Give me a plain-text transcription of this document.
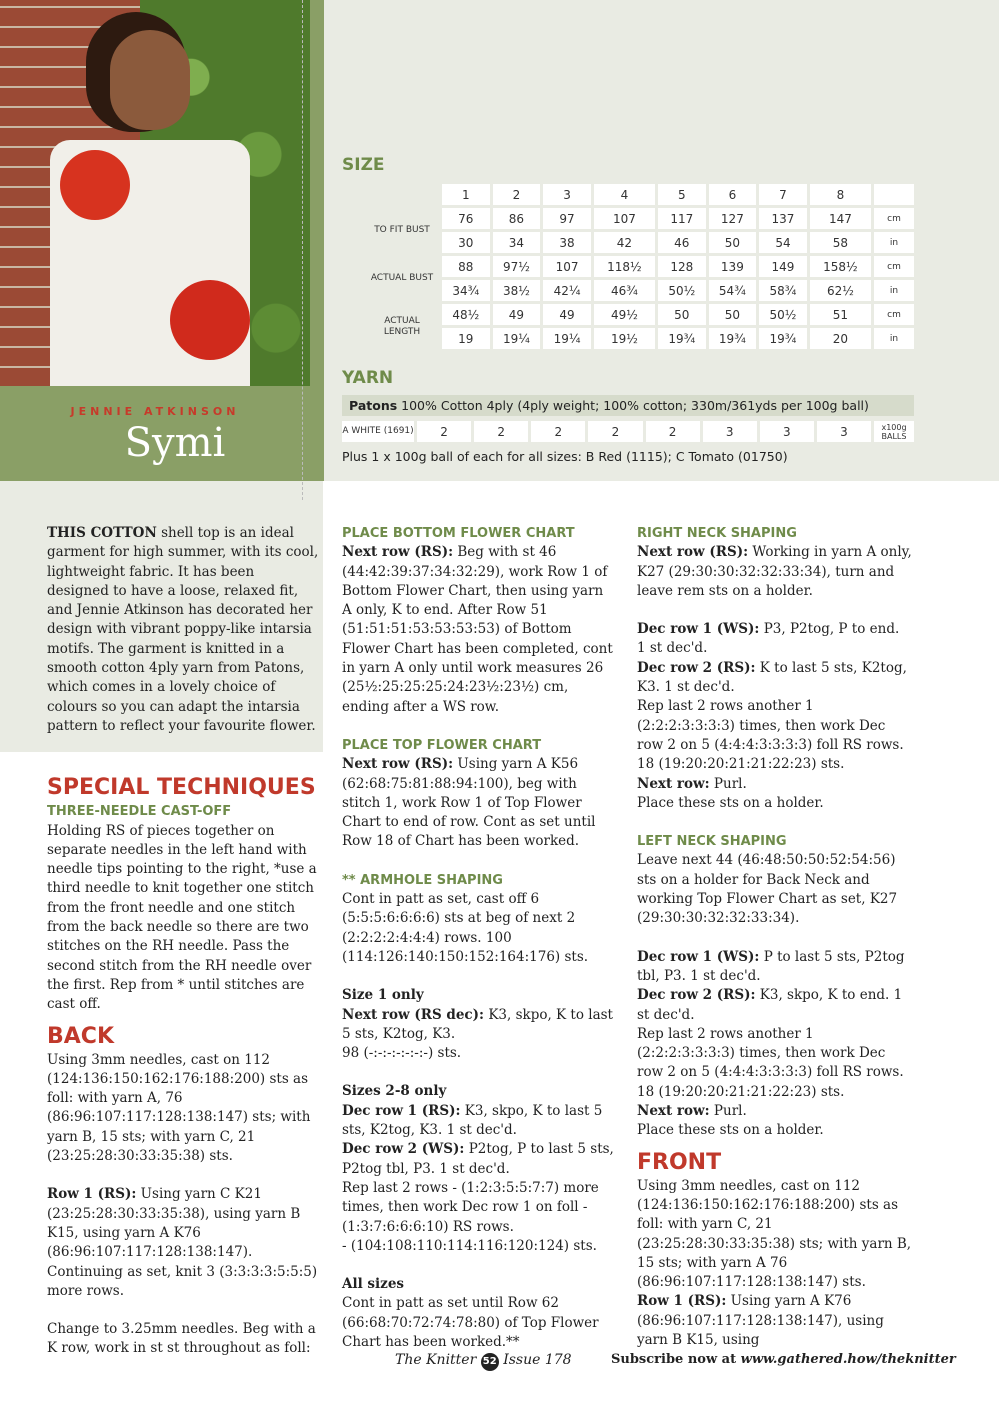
JENNIE ATKINSON
Symi
SIZE
	1	2	3	4	5	6	7	8	
TO FIT BUST	76	86	97	107	117	127	137	147	cm
	30	34	38	42	46	50	54	58	in
ACTUAL BUST	88	97½	107	118½	128	139	149	158½	cm
	34¾	38½	42¼	46¾	50½	54¾	58¾	62½	in
ACTUAL LENGTH	48½	49	49	49½	50	50	50½	51	cm
	19	19¼	19¼	19½	19¾	19¾	19¾	20	in
YARN
Patons 100% Cotton 4ply (4ply weight; 100% cotton; 330m/361yds per 100g ball)
A WHITE (1691)	2	2	2	2	2	3	3	3	x100g BALLS
Plus 1 x 100g ball of each for all sizes: B Red (1115); C Tomato (01750)

THIS COTTON shell top is an ideal garment for high summer, with its cool, lightweight fabric. It has been designed to have a loose, relaxed fit, and Jennie Atkinson has decorated her design with vibrant poppy-like intarsia motifs. The garment is knitted in a smooth cotton 4ply yarn from Patons, which comes in a lovely choice of colours so you can adapt the intarsia pattern to reflect your favourite flower.

SPECIAL TECHNIQUES

THREE-NEEDLE CAST-OFF

Holding RS of pieces together on separate needles in the left hand with needle tips pointing to the right, *use a third needle to knit together one stitch from the front needle and one stitch from the back needle so there are two stitches on the RH needle. Pass the second stitch from the RH needle over the first. Rep from * until stitches are cast off.

BACK

Using 3mm needles, cast on 112 (124:136:150:162:176:188:200) sts as foll: with yarn A, 76 (86:96:107:117:128:138:147) sts; with yarn B, 15 sts; with yarn C, 21 (23:25:28:30:33:35:38) sts.

Row 1 (RS): Using yarn C K21 (23:25:28:30:33:35:38), using yarn B K15, using yarn A K76 (86:96:107:117:128:138:147). Continuing as set, knit 3 (3:3:3:3:5:5:5) more rows.

Change to 3.25mm needles. Beg with a K row, work in st st throughout as foll:

PLACE BOTTOM FLOWER CHART

Next row (RS): Beg with st 46 (44:42:39:37:34:32:29), work Row 1 of Bottom Flower Chart, then using yarn A only, K to end. After Row 51 (51:51:51:53:53:53:53) of Bottom Flower Chart has been completed, cont in yarn A only until work measures 26 (25½:25:25:25:24:23½:23½) cm, ending after a WS row.

PLACE TOP FLOWER CHART

Next row (RS): Using yarn A K56 (62:68:75:81:88:94:100), beg with stitch 1, work Row 1 of Top Flower Chart to end of row. Cont as set until Row 18 of Chart has been worked.

** ARMHOLE SHAPING

Cont in patt as set, cast off 6 (5:5:5:6:6:6:6) sts at beg of next 2 (2:2:2:2:4:4:4) rows. 100 (114:126:140:150:152:164:176) sts.

Size 1 only
Next row (RS dec): K3, skpo, K to last 5 sts, K2tog, K3.
98 (-:-:-:-:-:-:-) sts.

Sizes 2-8 only
Dec row 1 (RS): K3, skpo, K to last 5 sts, K2tog, K3. 1 st dec'd.
Dec row 2 (WS): P2tog, P to last 5 sts, P2tog tbl, P3. 1 st dec'd.
Rep last 2 rows - (1:2:3:5:5:7:7) more times, then work Dec row 1 on foll - (1:3:7:6:6:6:10) RS rows.
- (104:108:110:114:116:120:124) sts.

All sizes
Cont in patt as set until Row 62 (66:68:70:72:74:78:80) of Top Flower Chart has been worked.**

RIGHT NECK SHAPING

Next row (RS): Working in yarn A only, K27 (29:30:30:32:32:33:34), turn and leave rem sts on a holder.

Dec row 1 (WS): P3, P2tog, P to end. 1 st dec'd.
Dec row 2 (RS): K to last 5 sts, K2tog, K3. 1 st dec'd.
Rep last 2 rows another 1 (2:2:2:3:3:3:3) times, then work Dec row 2 on 5 (4:4:4:3:3:3:3) foll RS rows.
18 (19:20:20:21:21:22:23) sts.
Next row: Purl.
Place these sts on a holder.

LEFT NECK SHAPING

Leave next 44 (46:48:50:50:52:54:56) sts on a holder for Back Neck and working Top Flower Chart as set, K27 (29:30:30:32:32:33:34).

Dec row 1 (WS): P to last 5 sts, P2tog tbl, P3. 1 st dec'd.
Dec row 2 (RS): K3, skpo, K to end. 1 st dec'd.
Rep last 2 rows another 1 (2:2:2:3:3:3:3) times, then work Dec row 2 on 5 (4:4:4:3:3:3:3) foll RS rows.
18 (19:20:20:21:21:22:23) sts.
Next row: Purl.
Place these sts on a holder.

FRONT

Using 3mm needles, cast on 112 (124:136:150:162:176:188:200) sts as foll: with yarn C, 21 (23:25:28:30:33:35:38) sts; with yarn B, 15 sts; with yarn A 76 (86:96:107:117:128:138:147) sts.
Row 1 (RS): Using yarn A K76 (86:96:107:117:128:138:147), using yarn B K15, using

The Knitter 52 Issue 178	Subscribe now at www.gathered.how/theknitter
